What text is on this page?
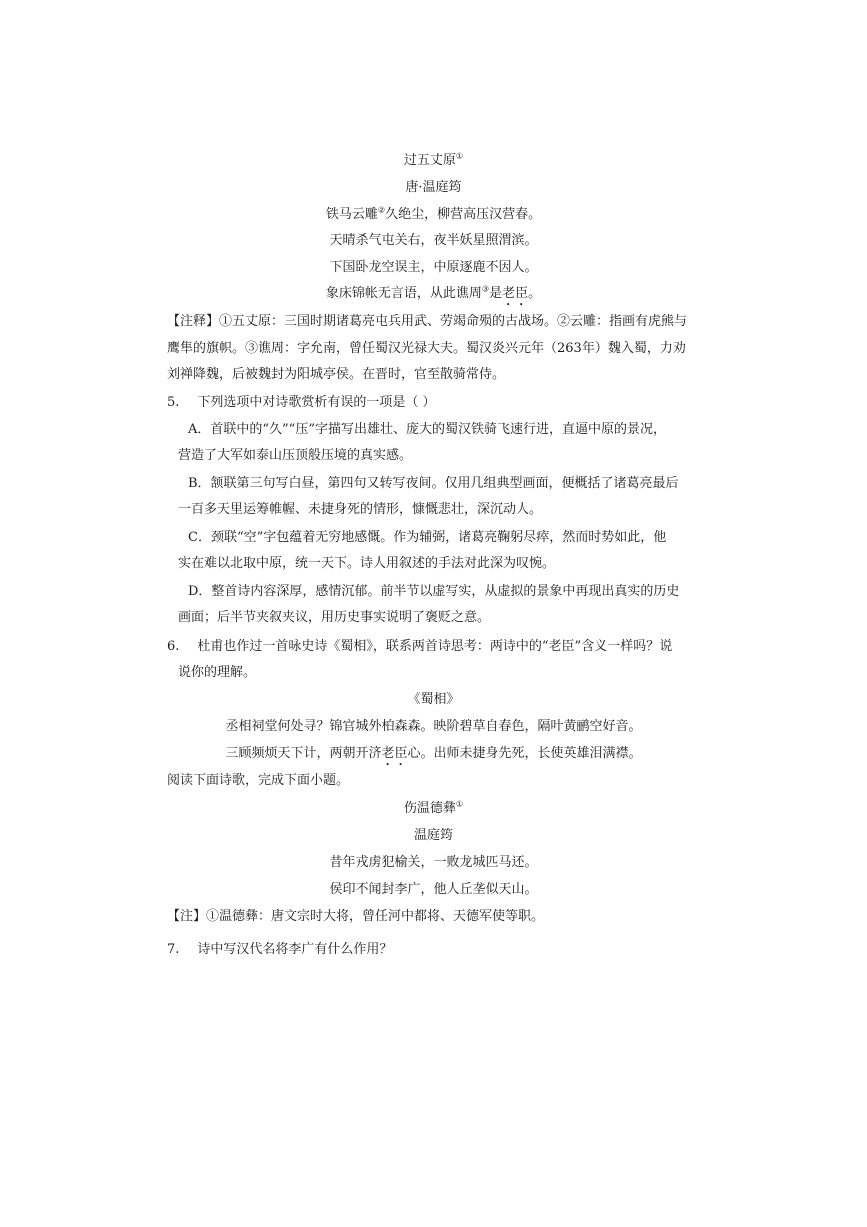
过五丈原①
唐·温庭筠
铁马云雕②久绝尘，柳营高压汉营春。
天晴杀气屯关右，夜半妖星照渭滨。
下国卧龙空误主，中原逐鹿不因人。
象床锦帐无言语，从此谯周③是老臣。
【注释】①五丈原：三国时期诸葛亮屯兵用武、劳竭命殒的古战场。②云雕：指画有虎熊与
鹰隼的旗帜。③谯周：字允南，曾任蜀汉光禄大夫。蜀汉炎兴元年（263年）魏入蜀，力劝
刘禅降魏，后被魏封为阳城亭侯。在晋时，官至散骑常侍。
5. 下列选项中对诗歌赏析有误的一项是（ ）
A．首联中的“久”“压”字描写出雄壮、庞大的蜀汉铁骑飞速行进，直逼中原的景况，
营造了大军如泰山压顶般压境的真实感。
B．颔联第三句写白昼，第四句又转写夜间。仅用几组典型画面，便概括了诸葛亮最后
一百多天里运筹帷幄、未捷身死的情形，慷慨悲壮，深沉动人。
C．颈联“空”字包蕴着无穷地感慨。作为辅弼，诸葛亮鞠躬尽瘁，然而时势如此，他
实在难以北取中原，统一天下。诗人用叙述的手法对此深为叹惋。
D．整首诗内容深厚，感情沉郁。前半节以虚写实，从虚拟的景象中再现出真实的历史
画面；后半节夹叙夹议，用历史事实说明了褒贬之意。
6. 杜甫也作过一首咏史诗《蜀相》，联系两首诗思考：两诗中的“老臣”含义一样吗？说
说你的理解。
《蜀相》
丞相祠堂何处寻？锦官城外柏森森。映阶碧草自春色，隔叶黄鹂空好音。
三顾频烦天下计，两朝开济老臣心。出师未捷身先死，长使英雄泪满襟。
阅读下面诗歌，完成下面小题。
伤温德彝①
温庭筠
昔年戎虏犯榆关，一败龙城匹马还。
侯印不闻封李广，他人丘垄似天山。
【注】①温德彝：唐文宗时大将，曾任河中都将、天德军使等职。
7. 诗中写汉代名将李广有什么作用？
